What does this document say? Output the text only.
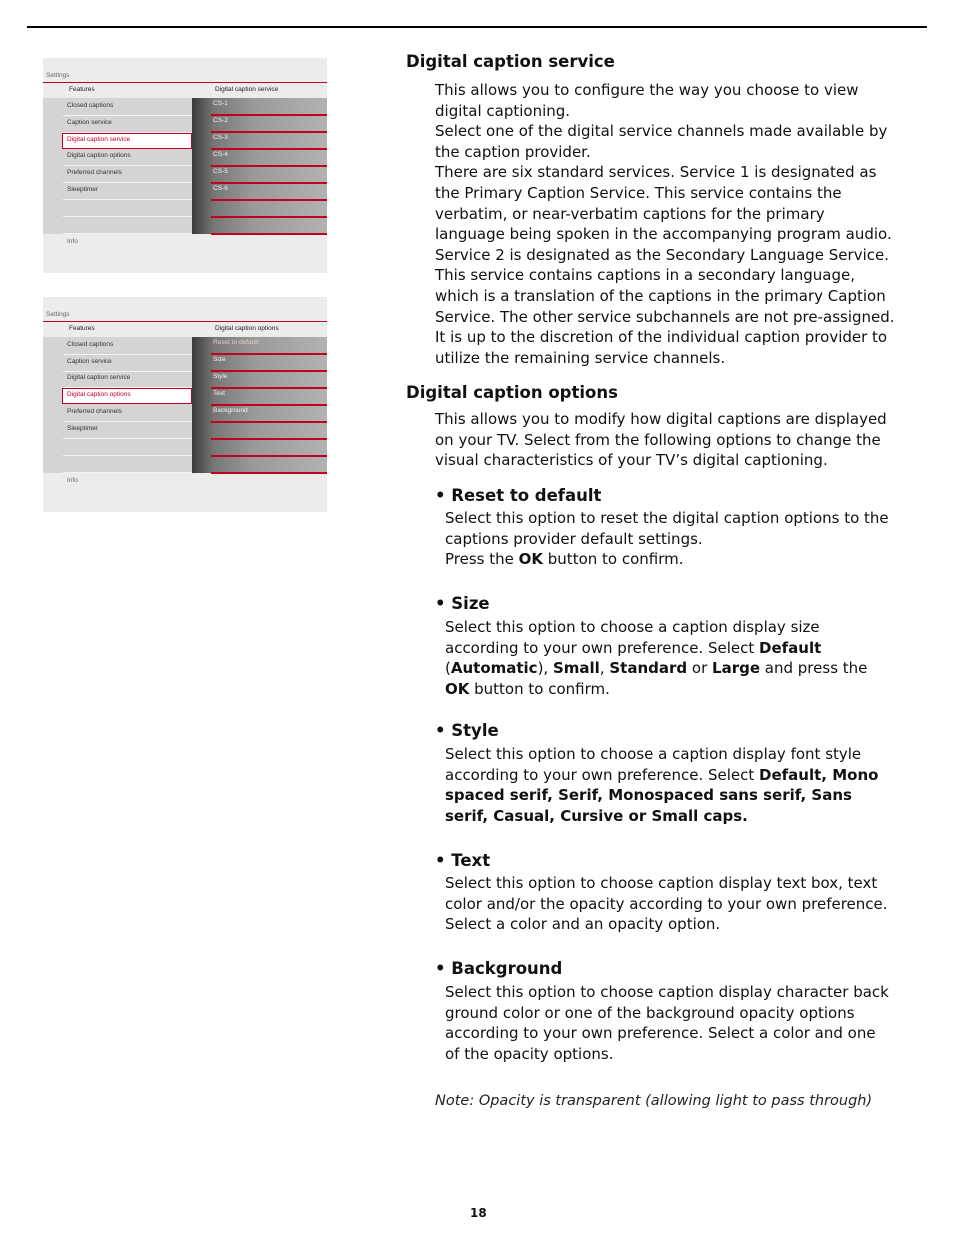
Settings
Features	Digital caption service
Closed captions
Caption service
Digital caption service
Digital caption options
Preferred channels
Sleeptimer
CS-1
CS-2
CS-3
CS-4
CS-5
CS-6
Info
Settings
Features	Digital caption options
Closed captions
Caption service
Digital caption service
Digital caption options
Preferred channels
Sleeptimer
Reset to default
Size
Style
Text
Background
Info
Digital caption service

This allows you to configure the way you choose to view digital captioning.

Select one of the digital service channels made available by the caption provider.

There are six standard services. Service 1 is designated as the Primary Caption Service. This service contains the verbatim, or near-verbatim captions for the primary language being spoken in the accompanying program audio.

Service 2 is designated as the Secondary Language Service. This service contains captions in a secondary language, which is a translation of the captions in the primary Caption Service. The other service subchannels are not pre-assigned.

It is up to the discretion of the individual caption provider to utilize the remaining service channels.

Digital caption options

This allows you to modify how digital captions are displayed on your TV. Select from the following options to change the visual characteristics of your TV’s digital captioning.

• Reset to default
Select this option to reset the digital caption options to the captions provider default settings.
Press the OK button to confirm.
• Size
Select this option to choose a caption display size according to your own preference. Select Default (Automatic), Small, Standard or Large and press the OK button to confirm.
• Style
Select this option to choose a caption display font style according to your own preference. Select Default, Mono spaced serif, Serif, Monospaced sans serif, Sans serif, Casual, Cursive or Small caps.
• Text
Select this option to choose caption display text box, text color and/or the opacity according to your own preference. Select a color and an opacity option.
• Background
Select this option to choose caption display character back ground color or one of the background opacity options according to your own preference. Select a color and one of the opacity options.
Note: Opacity is transparent (allowing light to pass through)
18
